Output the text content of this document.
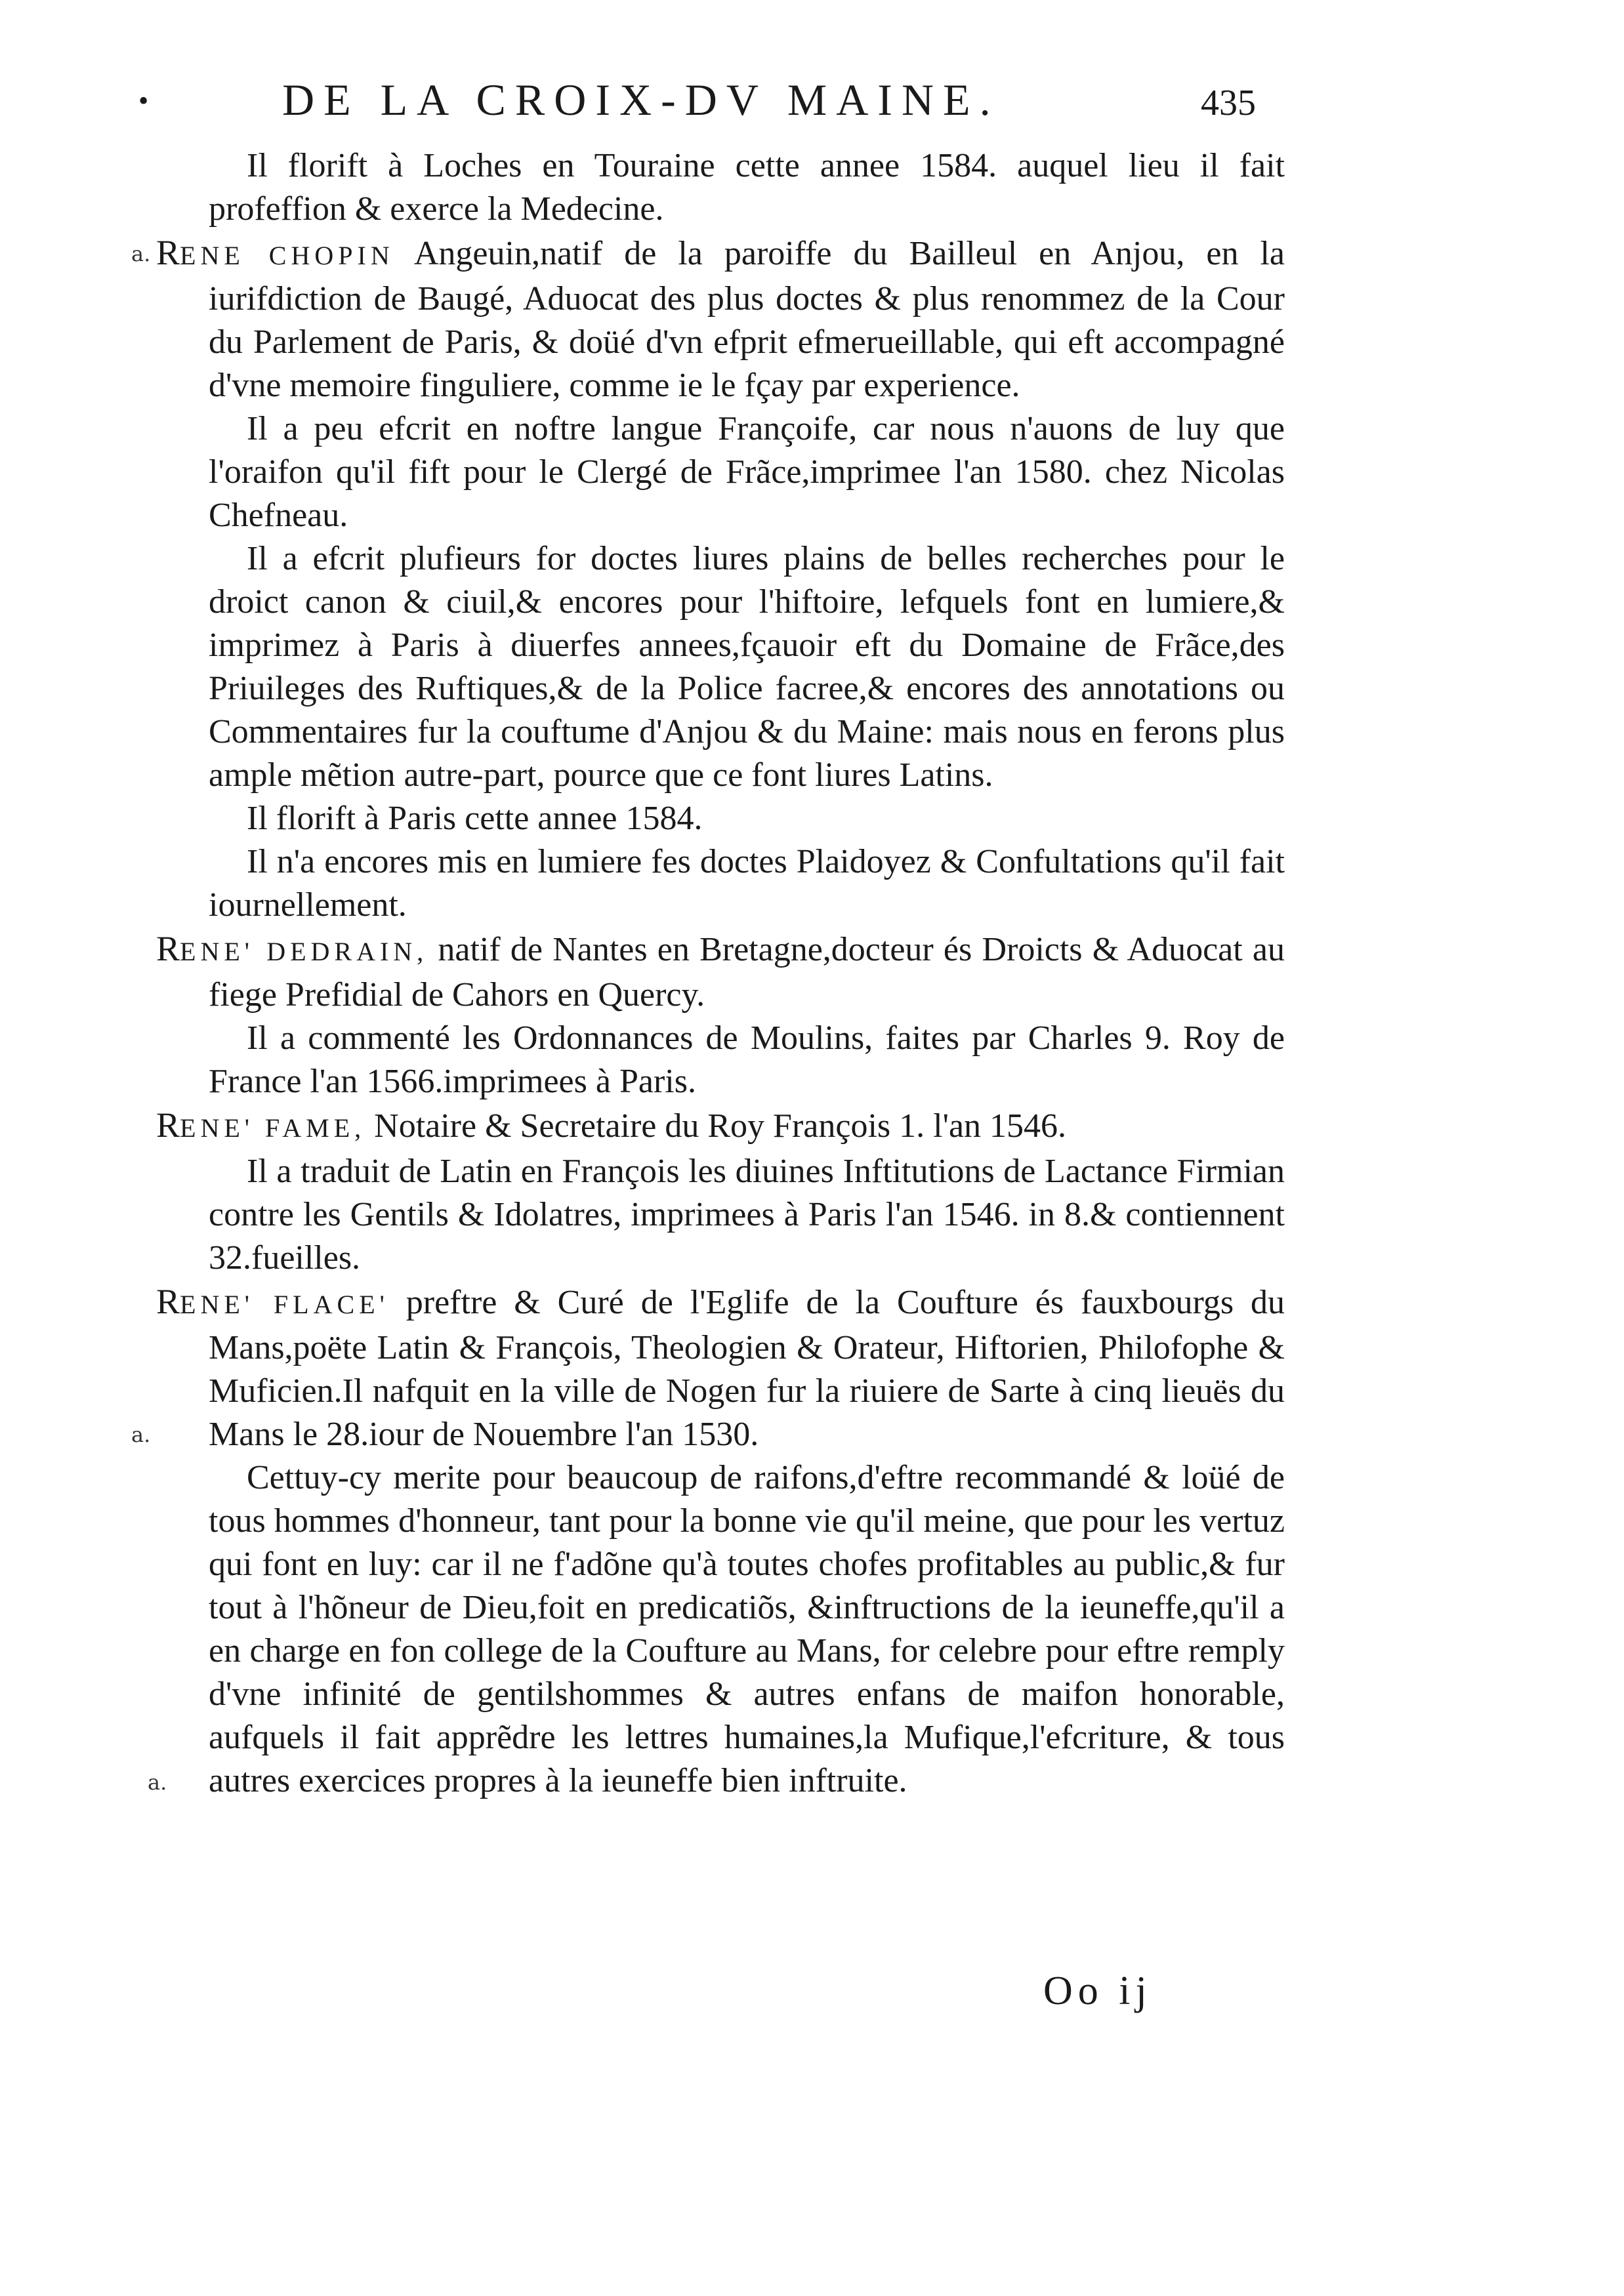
•	DE LA CROIX-DV MAINE.	435
a.
a.
a.

Il florift à Loches en Touraine cette annee 1584. auquel lieu il fait profeffion & exerce la Medecine.

RENE CHOPIN Angeuin,natif de la paroiffe du Bailleul en Anjou, en la iurifdiction de Baugé, Aduocat des plus doctes & plus renommez de la Cour du Parlement de Paris, & doüé d'vn efprit efmerueillable, qui eft accompagné d'vne memoire finguliere, comme ie le fçay par experience.

Il a peu efcrit en noftre langue Françoife, car nous n'auons de luy que l'oraifon qu'il fift pour le Clergé de Frãce,imprimee l'an 1580. chez Nicolas Chefneau.

Il a efcrit plufieurs for doctes liures plains de belles recherches pour le droict canon & ciuil,& encores pour l'hiftoire, lefquels font en lumiere,& imprimez à Paris à diuerfes annees,fçauoir eft du Domaine de Frãce,des Priuileges des Ruftiques,& de la Police facree,& encores des annotations ou Commentaires fur la couftume d'Anjou & du Maine: mais nous en ferons plus ample mẽtion autre-part, pource que ce font liures Latins.

Il florift à Paris cette annee 1584.

Il n'a encores mis en lumiere fes doctes Plaidoyez & Confultations qu'il fait iournellement.

RENE' DEDRAIN, natif de Nantes en Bretagne,docteur és Droicts & Aduocat au fiege Prefidial de Cahors en Quercy.

Il a commenté les Ordonnances de Moulins, faites par Charles 9. Roy de France l'an 1566.imprimees à Paris.

RENE' FAME, Notaire & Secretaire du Roy François 1. l'an 1546.

Il a traduit de Latin en François les diuines Inftitutions de Lactance Firmian contre les Gentils & Idolatres, imprimees à Paris l'an 1546. in 8.& contiennent 32.fueilles.

RENE' FLACE' preftre & Curé de l'Eglife de la Coufture és fauxbourgs du Mans,poëte Latin & François, Theologien & Orateur, Hiftorien, Philofophe & Muficien.Il nafquit en la ville de Nogen fur la riuiere de Sarte à cinq lieuës du Mans le 28.iour de Nouembre l'an 1530.

Cettuy-cy merite pour beaucoup de raifons,d'eftre recommandé & loüé de tous hommes d'honneur, tant pour la bonne vie qu'il meine, que pour les vertuz qui font en luy: car il ne f'adõne qu'à toutes chofes profitables au public,& fur tout à l'hõneur de Dieu,foit en predicatiõs, &inftructions de la ieuneffe,qu'il a en charge en fon college de la Coufture au Mans, for celebre pour eftre remply d'vne infinité de gentilshommes & autres enfans de maifon honorable, aufquels il fait apprẽdre les lettres humaines,la Mufique,l'efcriture, & tous autres exercices propres à la ieuneffe bien inftruite.

Oo ij
